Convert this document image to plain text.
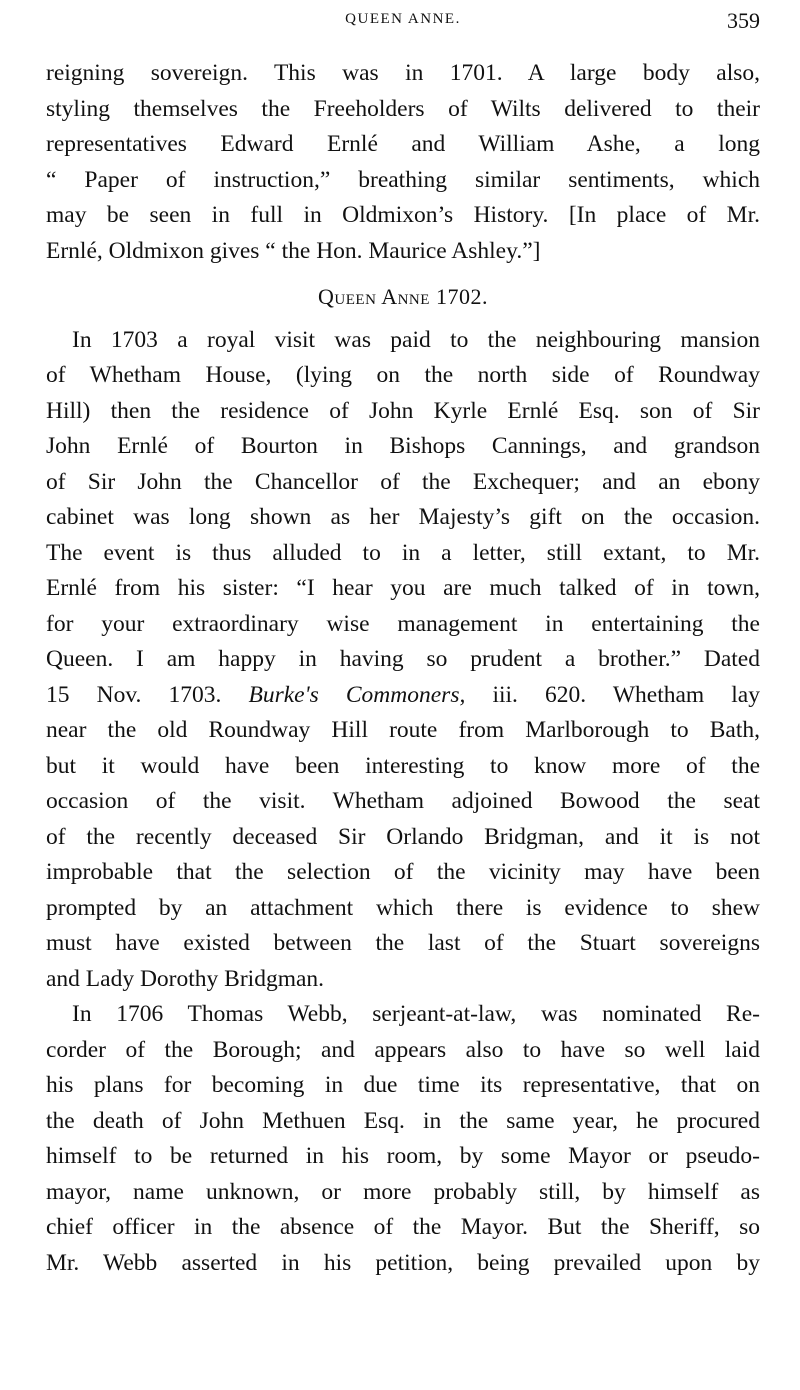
QUEEN ANNE.	359
reigning sovereign. This was in 1701. A large body also,
styling themselves the Freeholders of Wilts delivered to their
representatives Edward Ernlé and William Ashe, a long
“ Paper of instruction,” breathing similar sentiments, which
may be seen in full in Oldmixon’s History. [In place of Mr.
Ernlé, Oldmixon gives “ the Hon. Maurice Ashley.”]
Queen Anne 1702.
In 1703 a royal visit was paid to the neighbouring mansion
of Whetham House, (lying on the north side of Roundway
Hill) then the residence of John Kyrle Ernlé Esq. son of Sir
John Ernlé of Bourton in Bishops Cannings, and grandson
of Sir John the Chancellor of the Exchequer; and an ebony
cabinet was long shown as her Majesty’s gift on the occasion.
The event is thus alluded to in a letter, still extant, to Mr.
Ernlé from his sister: “I hear you are much talked of in town,
for your extraordinary wise management in entertaining the
Queen. I am happy in having so prudent a brother.” Dated
15 Nov. 1703. Burke's Commoners, iii. 620. Whetham lay
near the old Roundway Hill route from Marlborough to Bath,
but it would have been interesting to know more of the
occasion of the visit. Whetham adjoined Bowood the seat
of the recently deceased Sir Orlando Bridgman, and it is not
improbable that the selection of the vicinity may have been
prompted by an attachment which there is evidence to shew
must have existed between the last of the Stuart sovereigns
and Lady Dorothy Bridgman.
In 1706 Thomas Webb, serjeant-at-law, was nominated Re-
corder of the Borough; and appears also to have so well laid
his plans for becoming in due time its representative, that on
the death of John Methuen Esq. in the same year, he procured
himself to be returned in his room, by some Mayor or pseudo-
mayor, name unknown, or more probably still, by himself as
chief officer in the absence of the Mayor. But the Sheriff, so
Mr. Webb asserted in his petition, being prevailed upon by
